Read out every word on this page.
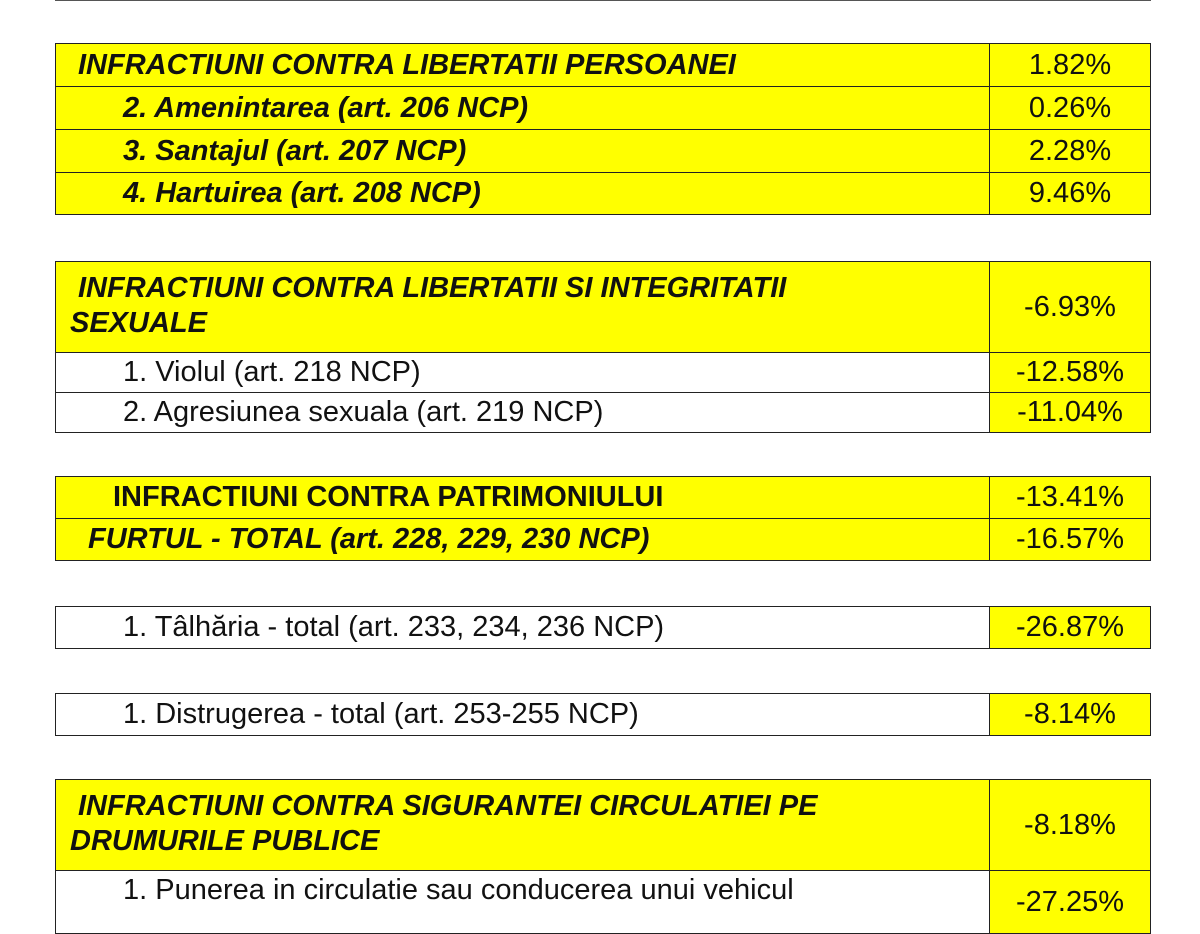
INFRACTIUNI CONTRA LIBERTATII PERSOANEI	1.82%
2. Amenintarea (art. 206 NCP)	0.26%
3. Santajul (art. 207 NCP)	2.28%
4. Hartuirea (art. 208 NCP)	9.46%
INFRACTIUNI CONTRA LIBERTATII SI INTEGRITATII
SEXUALE	-6.93%
1. Violul (art. 218 NCP)	-12.58%
2. Agresiunea sexuala (art. 219 NCP)	-11.04%
INFRACTIUNI CONTRA PATRIMONIULUI	-13.41%
FURTUL - TOTAL (art. 228, 229, 230 NCP)	-16.57%
1. Tâlhăria - total (art. 233, 234, 236 NCP)	-26.87%
1. Distrugerea - total (art. 253-255 NCP)	-8.14%
INFRACTIUNI CONTRA SIGURANTEI CIRCULATIEI PE
DRUMURILE PUBLICE	-8.18%
1. Punerea in circulatie sau conducerea unui vehicul	-27.25%
